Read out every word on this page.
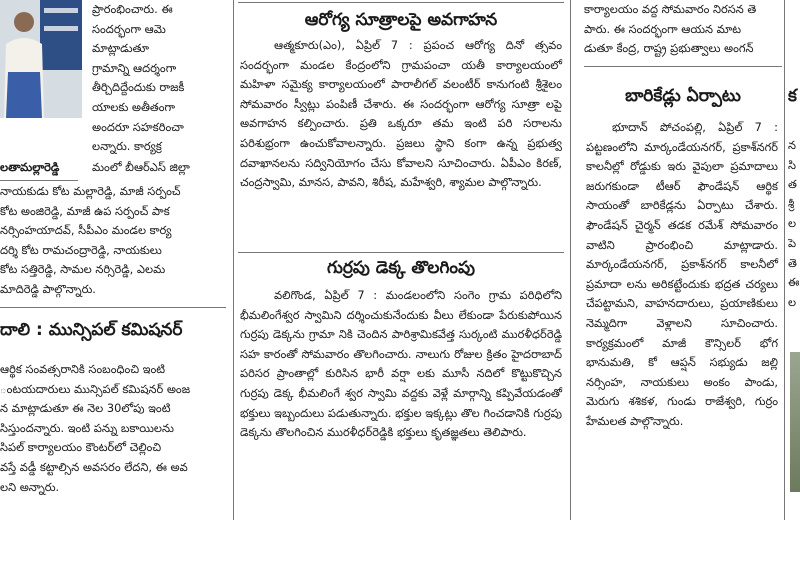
ప్రారంభించారు. ఈ

సందర్భంగా ఆమె

మాట్లాడుతూ

గ్రామాన్ని ఆదర్శంగా

తీర్చిదిద్దేందుకు రాజకీ

యాలకు అతీతంగా

అందరూ సహకరించా

లన్నారు. కార్యక్ర

లతామల్లారెడ్డి	మంలో బీఆర్ఎస్ జిల్లా

నాయకుడు కోట మల్లారెడ్డి, మాజీ సర్పంచ్

కోట అంజిరెడ్డి, మాజీ ఉప సర్పంచ్ పాక

నర్సింహయాదవ్, సీపీఎం మండల కార్య

దర్శి కోట రామచంద్రారెడ్డి, నాయకులు

కోట సత్తిరెడ్డి, సామల నర్సిరెడ్డి, ఎలమ

మాదిరెడ్డి పాల్గొన్నారు.

దాలి : మున్సిపల్ కమిషనర్

ఆర్థిక సంవత్సరానికి సంబంధించి ఇంటి

ంటయదారులు మున్సిపల్ కమిషనర్ అంజ

న మాట్లాడుతూ ఈ నెల 30లోపు ఇంటి

సిస్తుందన్నారు. ఇంటి పన్ను బకాయిలను

సిపల్ కార్యాలయం కౌంటర్‌లో చెల్లించి

వస్తే వడ్డీ కట్టాల్సిన అవసరం లేదని, ఈ అవ

లని అన్నారు.

ఆరోగ్య సూత్రాలపై అవగాహన
ఆత్మకూరు(ఎం), ఏప్రిల్ 7 : ప్రపంచ ఆరోగ్య దినో త్సవం సందర్భంగా మండల కేంద్రంలోని గ్రామపంచా యతీ కార్యాలయంలో మహిళా సమైక్య కార్యాలయంలో పారాలీగల్ వలంటీర్ కానుగంటి శ్రీశైలం సోమవారం స్వీట్లు పంపిణీ చేశారు. ఈ సందర్భంగా ఆరోగ్య సూత్రా లపై అవగాహన కల్పించారు. ప్రతి ఒక్కరూ తమ ఇంటి పరి సరాలను పరిశుభ్రంగా ఉంచుకోవాలన్నారు. ప్రజలు స్థాని కంగా ఉన్న ప్రభుత్వ దవాఖానలను సద్వినియోగం చేసు కోవాలని సూచించారు. ఏపీఎం కిరణ్, చంద్రస్వామి, మానస, పావని, శిరీష, మహేశ్వరి, శ్యామల పాల్గొన్నారు.
గుర్రపు డెక్క తొలగింపు
వలిగొండ, ఏప్రిల్ 7 : మండలంలోని సంగెం గ్రామ పరిధిలోని భీమలింగేశ్వర స్వామిని దర్శించుకునేందుకు వీలు లేకుండా పేరుకుపోయిన గుర్రపు డెక్కను గ్రామా నికి చెందిన పారిశ్రామికవేత్త సుర్కంటి మురళీధర్‌రెడ్డి సహ కారంతో సోమవారం తొలగించారు. నాలుగు రోజుల క్రితం హైదరాబాద్ పరిసర ప్రాంతాల్లో కురిసిన భారీ వర్షా లకు మూసీ నదిలో కొట్టుకొచ్చిన గుర్రపు డెక్క భీమలింగే శ్వర స్వామి వద్దకు వెళ్లే మార్గాన్ని కప్పివేయడంతో భక్తులు ఇబ్బందులు పడుతున్నారు. భక్తుల ఇక్కట్లు తొల గించడానికి గుర్రపు డెక్కను తొలగించిన మురళీధర్‌రెడ్డికి భక్తులు కృతజ్ఞతలు తెలిపారు.

కార్యాలయం వద్ద సోమవారం నిరసన తె

పారు. ఈ సందర్భంగా ఆయన మాట

డుతూ కేంద్ర, రాష్ట్ర ప్రభుత్వాలు అంగన్

బారికేడ్లు ఏర్పాటు
భూదాన్ పోచంపల్లి, ఏప్రిల్ 7 : పట్టణంలోని మార్కండేయనగర్, ప్రకాశ్‌నగర్ కాలనీల్లో రోడ్డుకు ఇరు వైపులా ప్రమాదాలు జరుగకుండా టీఆర్ ఫౌండేషన్ ఆర్థిక సాయంతో బారికేడ్లను ఏర్పాటు చేశారు. ఫౌండేషన్ చైర్మన్ తడక రమేశ్ సోమవారం వాటిని ప్రారంభించి మాట్లాడారు. మార్కండేయనగర్, ప్రకాశ్‌నగర్ కాలనీలో ప్రమాదా లను అరికట్టేందుకు భద్రత చర్యలు చేపట్టామని, వాహనదారులు, ప్రయాణికులు నెమ్మదిగా వెళ్లాలని సూచించారు. కార్యక్రమంలో మాజీ కౌన్సిలర్ భోగ భానుమతి, కో ఆప్షన్ సభ్యుడు జల్లి నర్సింహ, నాయకులు అంకం పాండు, మెరుగు శశికళ, గుండు రాజేశ్వరి, గుర్రం హేమలత పాల్గొన్నారు.
క

న

సి

త

శ్రీ

ల

పె

తె

ఈ

ల
